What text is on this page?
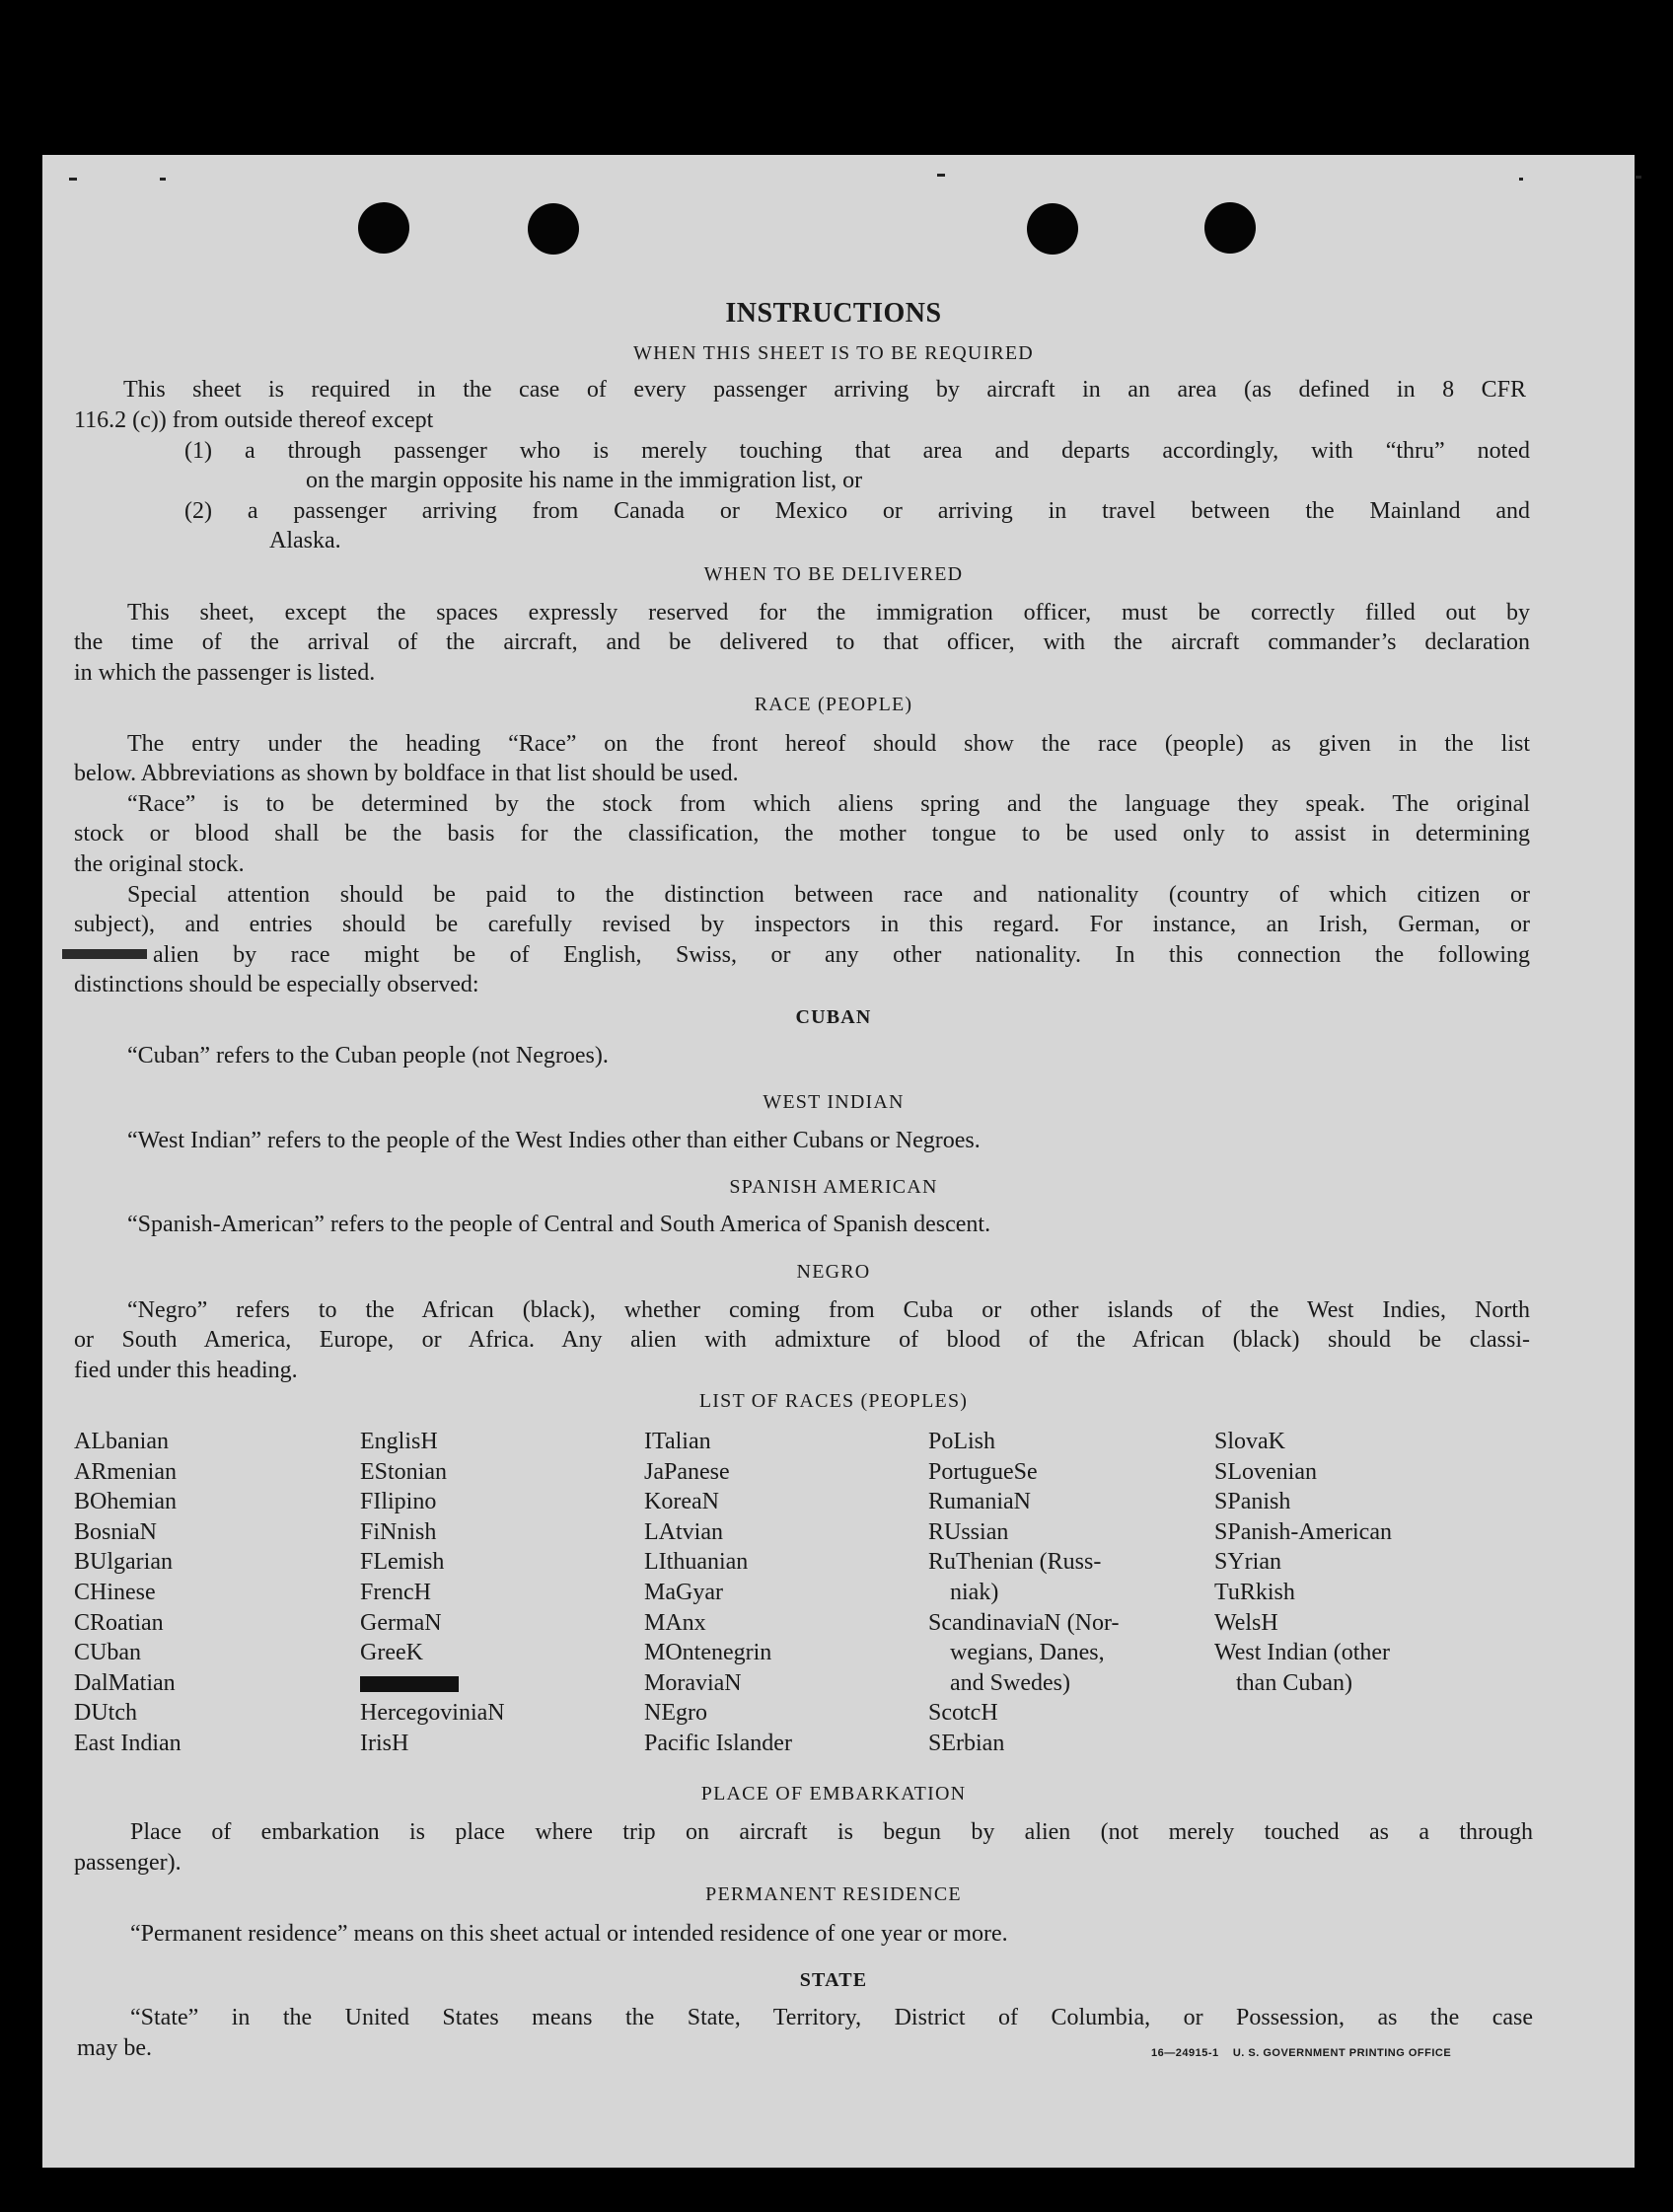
INSTRUCTIONS
WHEN THIS SHEET IS TO BE REQUIRED
This sheet is required in the case of every passenger arriving by aircraft in an area (as defined in 8 CFR
116.2 (c)) from outside thereof except
(1) a through passenger who is merely touching that area and departs accordingly, with “thru” noted
on the margin opposite his name in the immigration list, or
(2) a passenger arriving from Canada or Mexico or arriving in travel between the Mainland and
Alaska.
WHEN TO BE DELIVERED
This sheet, except the spaces expressly reserved for the immigration officer, must be correctly filled out by
the time of the arrival of the aircraft, and be delivered to that officer, with the aircraft commander’s declaration
in which the passenger is listed.
RACE (PEOPLE)
The entry under the heading “Race” on the front hereof should show the race (people) as given in the list
below. Abbreviations as shown by boldface in that list should be used.
“Race” is to be determined by the stock from which aliens spring and the language they speak. The original
stock or blood shall be the basis for the classification, the mother tongue to be used only to assist in determining
the original stock.
Special attention should be paid to the distinction between race and nationality (country of which citizen or
subject), and entries should be carefully revised by inspectors in this regard. For instance, an Irish, German, or
alien by race might be of English, Swiss, or any other nationality. In this connection the following
distinctions should be especially observed:
CUBAN
“Cuban” refers to the Cuban people (not Negroes).
WEST INDIAN
“West Indian” refers to the people of the West Indies other than either Cubans or Negroes.
SPANISH AMERICAN
“Spanish-American” refers to the people of Central and South America of Spanish descent.
NEGRO
“Negro” refers to the African (black), whether coming from Cuba or other islands of the West Indies, North
or South America, Europe, or Africa. Any alien with admixture of blood of the African (black) should be classi-
fied under this heading.
LIST OF RACES (PEOPLES)
ALbanian
ARmenian
BOhemian
BosniaN
BUlgarian
CHinese
CRoatian
CUban
DalMatian
DUtch
East Indian
EnglisH
EStonian
FIlipino
FiNnish
FLemish
FrencH
GermaN
GreeK
HercegoviniaN
IrisH
ITalian
JaPanese
KoreaN
LAtvian
LIthuanian
MaGyar
MAnx
MOntenegrin
MoraviaN
NEgro
Pacific Islander
PoLish
PortugueSe
RumaniaN
RUssian
RuThenian (Russ-
niak)
ScandinaviaN (Nor-
wegians, Danes,
and Swedes)
ScotcH
SErbian
SlovaK
SLovenian
SPanish
SPanish-American
SYrian
TuRkish
WelsH
West Indian (other
than Cuban)
PLACE OF EMBARKATION
Place of embarkation is place where trip on aircraft is begun by alien (not merely touched as a through
passenger).
PERMANENT RESIDENCE
“Permanent residence” means on this sheet actual or intended residence of one year or more.
STATE
“State” in the United States means the State, Territory, District of Columbia, or Possession, as the case
may be.	16—24915-1    U. S. GOVERNMENT PRINTING OFFICE
